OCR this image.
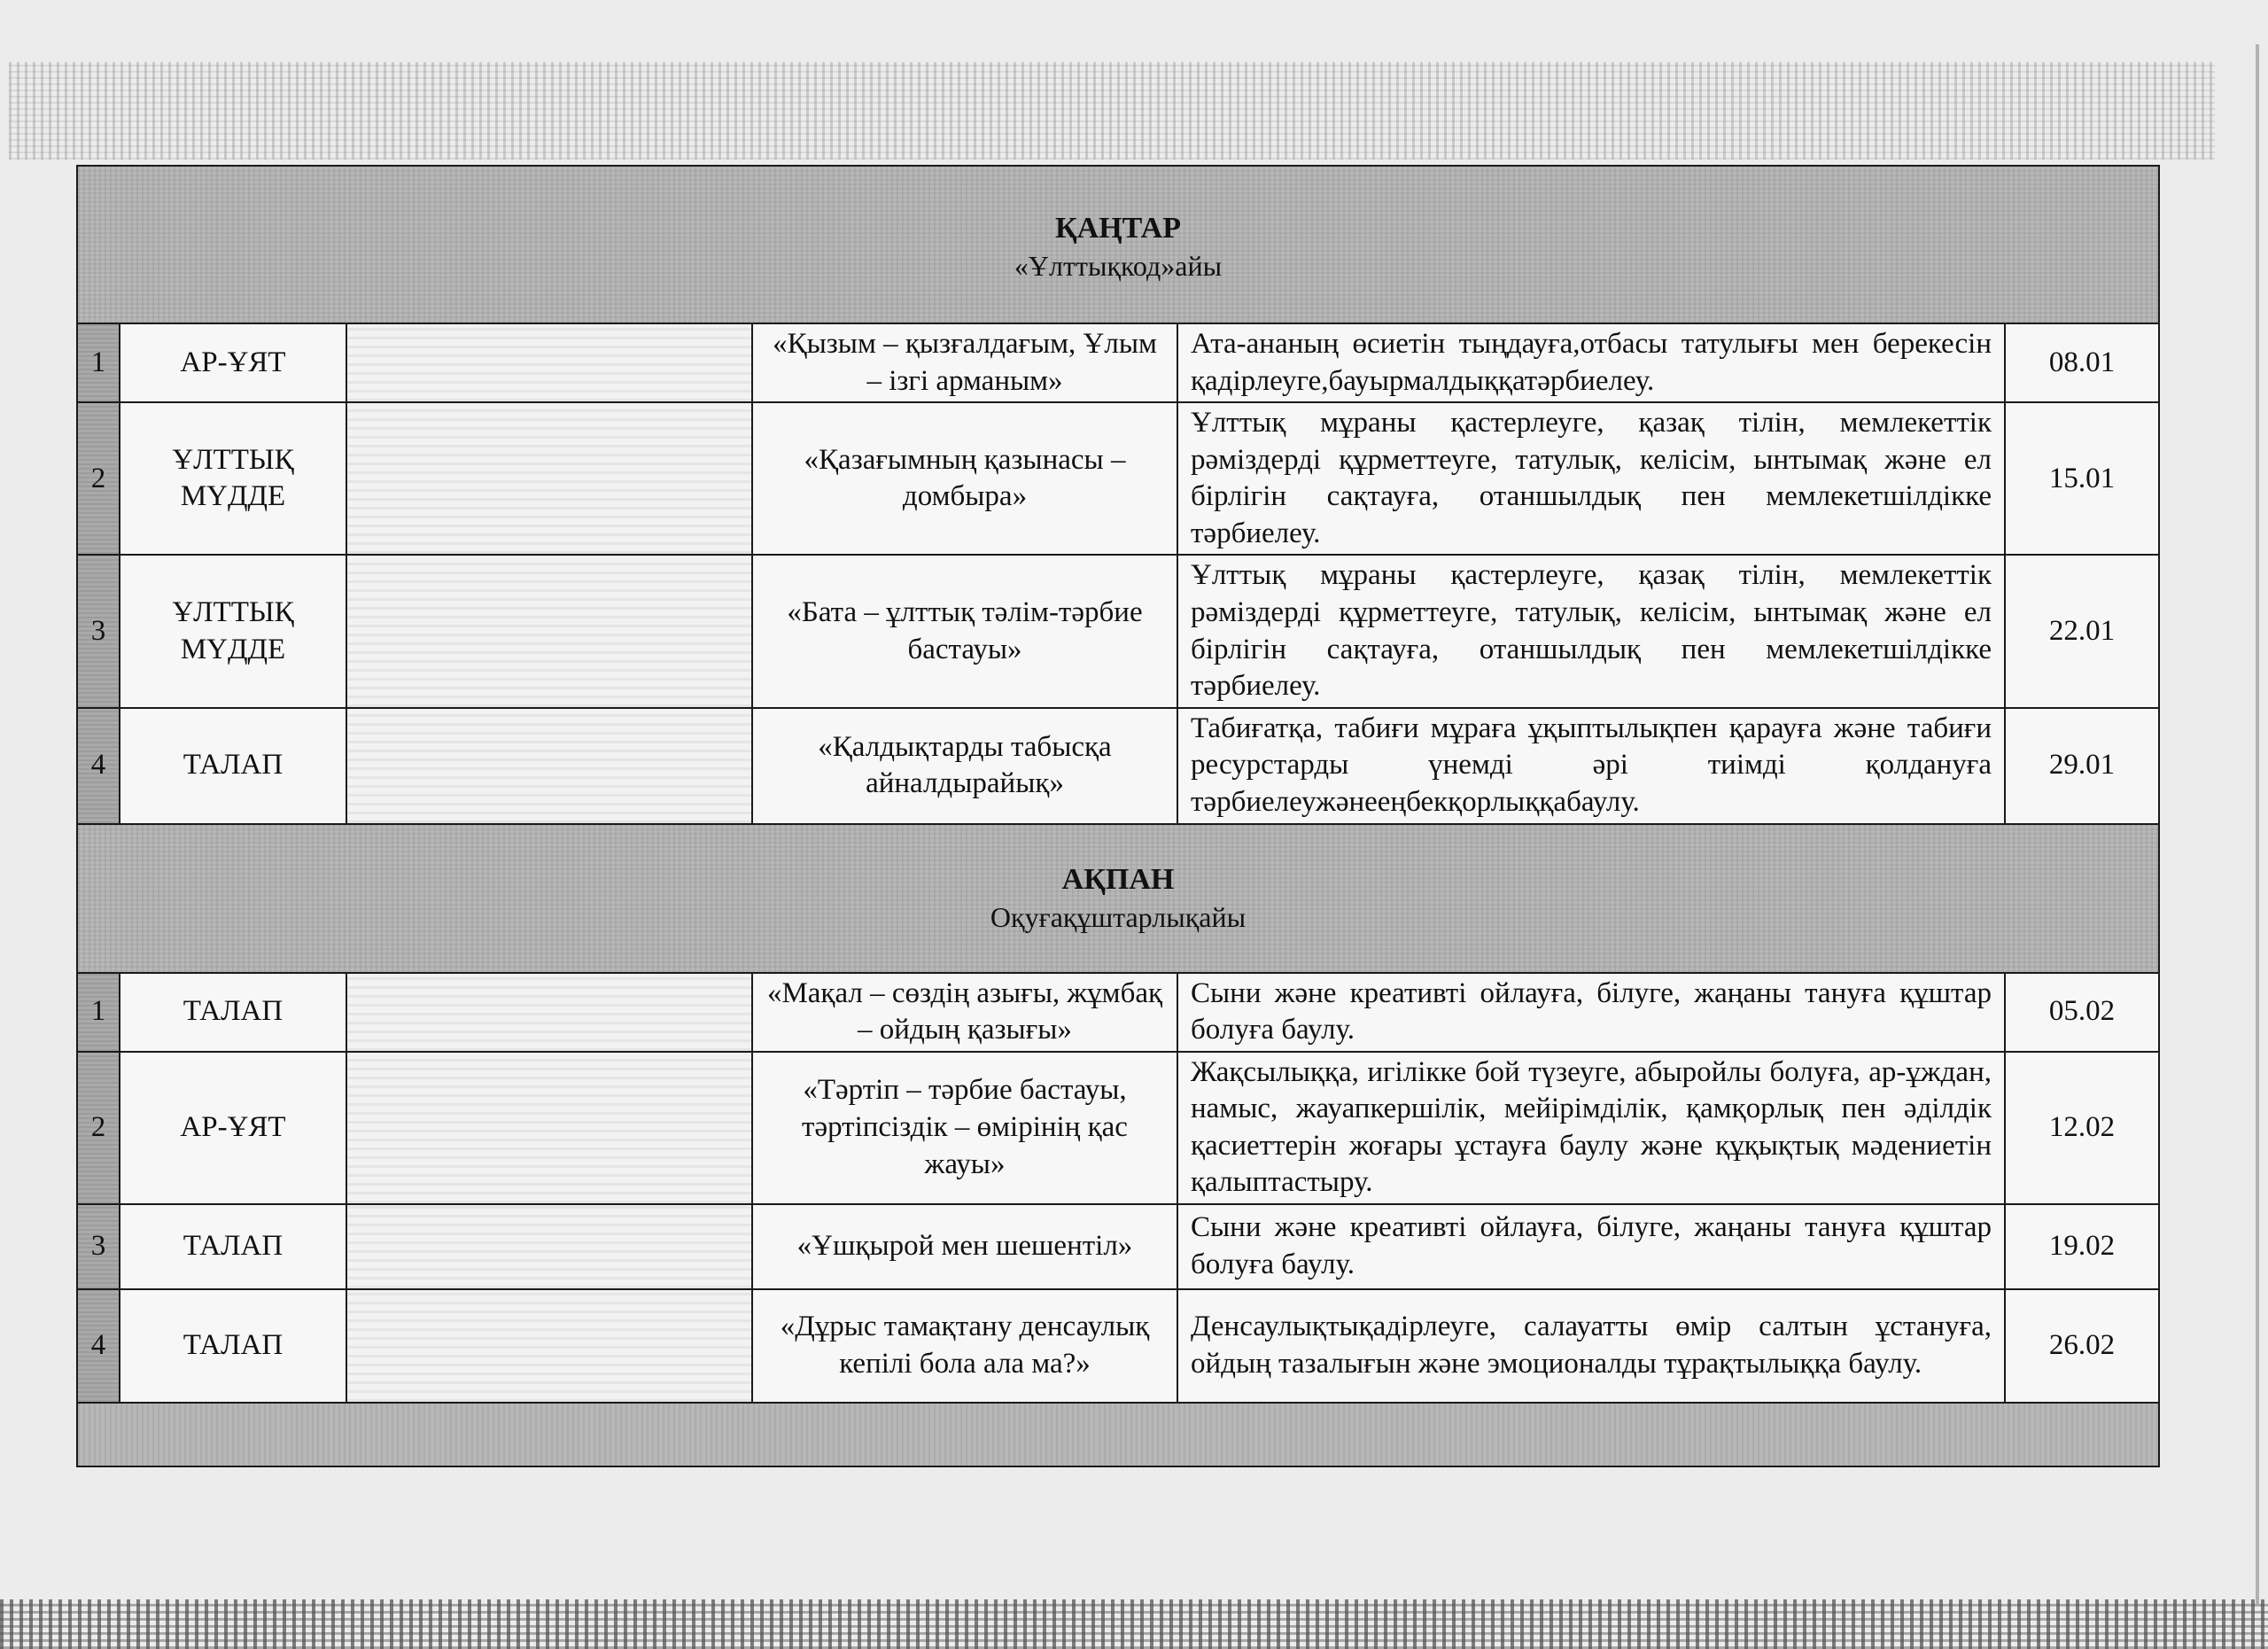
ҚАҢТАР
«Ұлттықкод»айы					

1	АР-ҰЯТ		«Қызым – қызғалдағым, Ұлым – ізгі арманым»	Ата-ананың өсиетін тыңдауға,отбасы татулығы мен берекесін қадірлеуге,бауырмалдыққатәрбиелеу.	08.01
2	ҰЛТТЫҚ МҮДДЕ		«Қазағымның қазынасы – домбыра»	Ұлттық мұраны қастерлеуге, қазақ тілін, мемлекеттік рәміздерді құрметтеуге, татулық, келісім, ынтымақ және ел бірлігін сақтауға, отаншылдық пен мемлекетшілдікке тәрбиелеу.	15.01
3	ҰЛТТЫҚ МҮДДЕ		«Бата – ұлттық тәлім-тәрбие бастауы»	Ұлттық мұраны қастерлеуге, қазақ тілін, мемлекеттік рәміздерді құрметтеуге, татулық, келісім, ынтымақ және ел бірлігін сақтауға, отаншылдық пен мемлекетшілдікке тәрбиелеу.	22.01
4	ТАЛАП		«Қалдықтарды табысқа айналдырайық»	Табиғатқа, табиғи мұраға ұқыптылықпен қарауға және табиғи ресурстарды үнемді әрі тиімді қолдануға тәрбиелеужәнееңбекқорлыққабаулу.	29.01

АҚПАН
Оқуғақұштарлықайы					

1	ТАЛАП		«Мақал – сөздің азығы, жұмбақ – ойдың қазығы»	Сыни және креативті ойлауға, білуге, жаңаны тануға құштар болуға баулу.	05.02
2	АР-ҰЯТ		«Тәртіп – тәрбие бастауы, тәртіпсіздік – өмірінің қас жауы»	Жақсылыққа, игілікке бой түзеуге, абыройлы болуға, ар-ұждан, намыс, жауапкершілік, мейірімділік, қамқорлық пен әділдік қасиеттерін жоғары ұстауға баулу және құқықтық мәдениетін қалыптастыру.	12.02
3	ТАЛАП		«Ұшқырой мен шешентіл»	Сыни және креативті ойлауға, білуге, жаңаны тануға құштар болуға баулу.	19.02
4	ТАЛАП		«Дұрыс тамақтану денсаулық кепілі бола ала ма?»	Денсаулықтықадірлеуге, салауатты өмір салтын ұстануға, ойдың тазалығын және эмоционалды тұрақтылыққа баулу.	26.02
